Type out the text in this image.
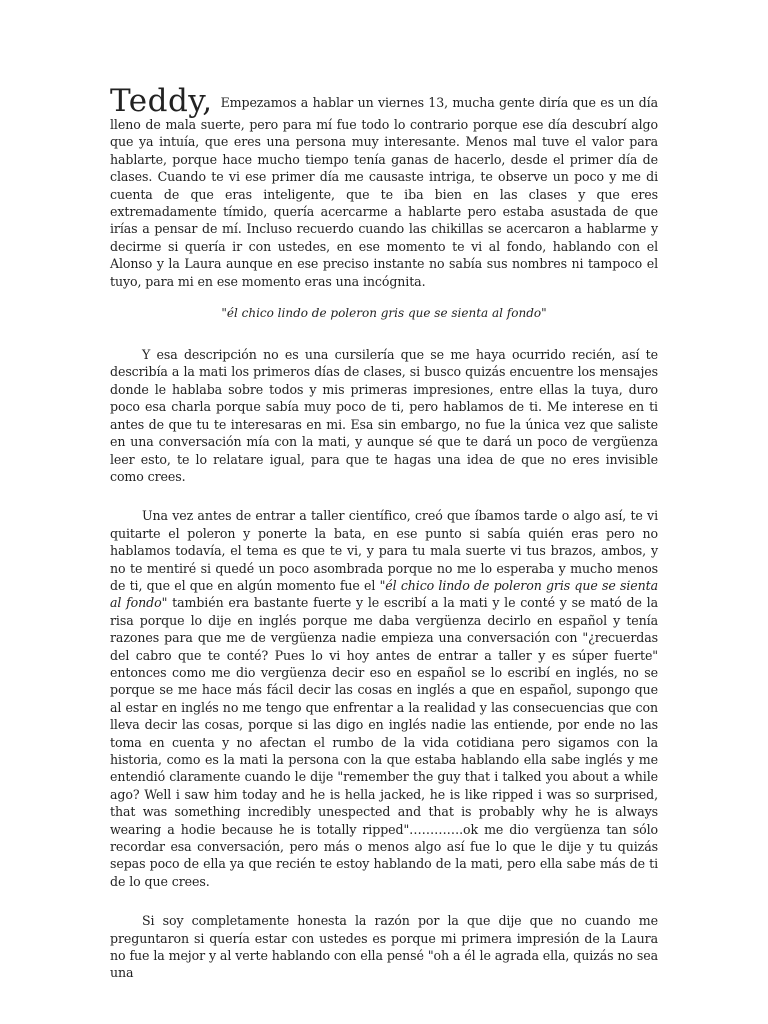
Teddy, Empezamos a hablar un viernes 13, mucha gente diría que es un día lleno de mala suerte, pero para mí fue todo lo contrario porque ese día descubrí algo que ya intuía, que eres una persona muy interesante. Menos mal tuve el valor para hablarte, porque hace mucho tiempo tenía ganas de hacerlo, desde el primer día de clases. Cuando te vi ese primer día me causaste intriga, te observe un poco y me di cuenta de que eras inteligente, que te iba bien en las clases y que eres extremadamente tímido, quería acercarme a hablarte pero estaba asustada de que irías a pensar de mí. Incluso recuerdo cuando las chikillas se acercaron a hablarme y decirme si quería ir con ustedes, en ese momento te vi al fondo, hablando con el Alonso y la Laura aunque en ese preciso instante no sabía sus nombres ni tampoco el tuyo, para mi en ese momento eras una incógnita.

"él chico lindo de poleron gris que se sienta al fondo"

Y esa descripción no es una cursilería que se me haya ocurrido recién, así te describía a la mati los primeros días de clases, si busco quizás encuentre los mensajes donde le hablaba sobre todos y mis primeras impresiones, entre ellas la tuya, duro poco esa charla porque sabía muy poco de ti, pero hablamos de ti. Me interese en ti antes de que tu te interesaras en mi. Esa sin embargo, no fue la única vez que saliste en una conversación mía con la mati, y aunque sé que te dará un poco de vergüenza leer esto, te lo relatare igual, para que te hagas una idea de que no eres invisible como crees.

Una vez antes de entrar a taller científico, creó que íbamos tarde o algo así, te vi quitarte el poleron y ponerte la bata, en ese punto si sabía quién eras pero no hablamos todavía, el tema es que te vi, y para tu mala suerte vi tus brazos, ambos, y no te mentiré si quedé un poco asombrada porque no me lo esperaba y mucho menos de ti, que el que en algún momento fue el "él chico lindo de poleron gris que se sienta al fondo" también era bastante fuerte y le escribí a la mati y le conté y se mató de la risa porque lo dije en inglés porque me daba vergüenza decirlo en español y tenía razones para que me de vergüenza nadie empieza una conversación con "¿recuerdas del cabro que te conté? Pues lo vi hoy antes de entrar a taller y es súper fuerte" entonces como me dio vergüenza decir eso en español se lo escribí en inglés, no se porque se me hace más fácil decir las cosas en inglés a que en español, supongo que al estar en inglés no me tengo que enfrentar a la realidad y las consecuencias que con lleva decir las cosas, porque si las digo en inglés nadie las entiende, por ende no las toma en cuenta y no afectan el rumbo de la vida cotidiana pero sigamos con la historia, como es la mati la persona con la que estaba hablando ella sabe inglés y me entendió claramente cuando le dije "remember the guy that i talked you about a while ago? Well i saw him today and he is hella jacked, he is like ripped i was so surprised, that was something incredibly unespected and that is probably why he is always wearing a hodie because he is totally ripped"………….ok me dio vergüenza tan sólo recordar esa conversación, pero más o menos algo así fue lo que le dije y tu quizás sepas poco de ella ya que recién te estoy hablando de la mati, pero ella sabe más de ti de lo que crees.

Si soy completamente honesta la razón por la que dije que no cuando me preguntaron si quería estar con ustedes es porque mi primera impresión de la Laura no fue la mejor y al verte hablando con ella pensé "oh a él le agrada ella, quizás no sea una
